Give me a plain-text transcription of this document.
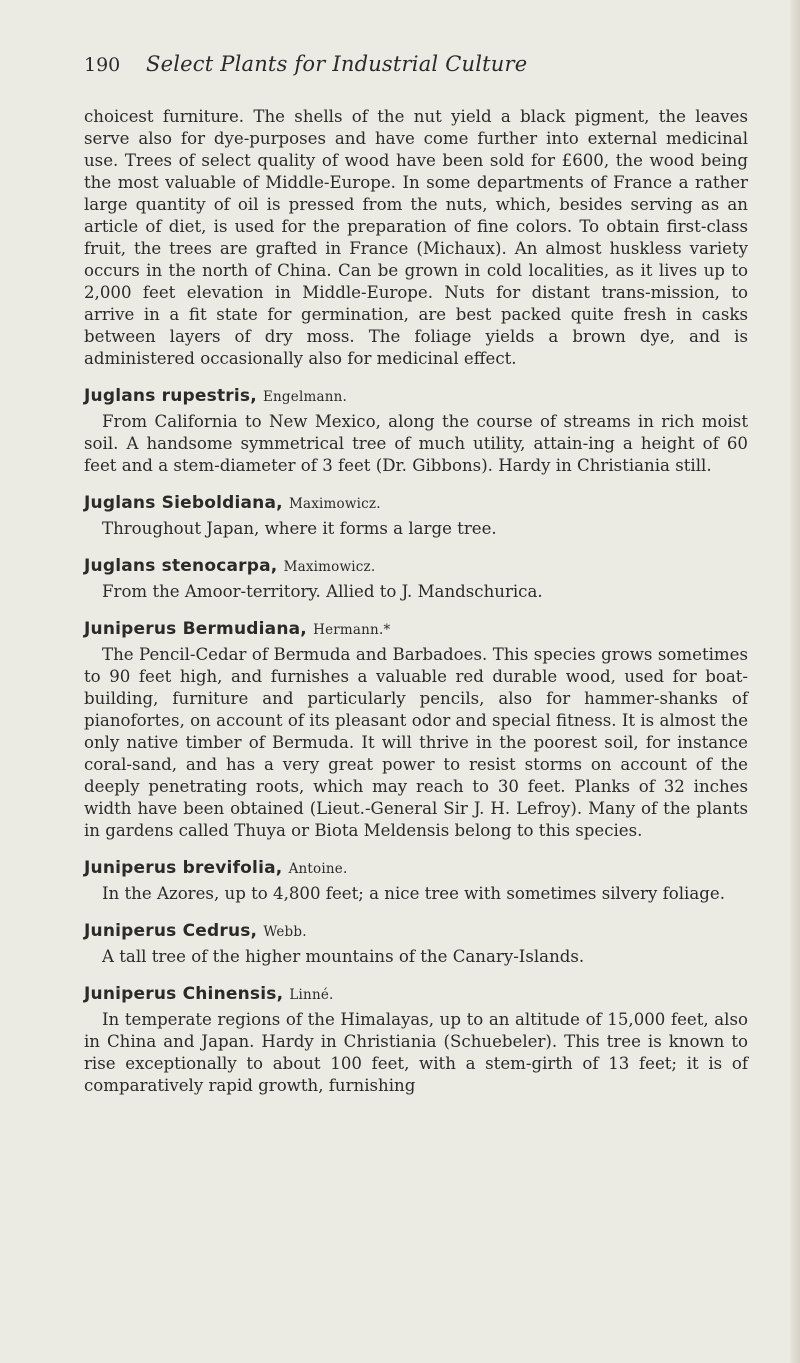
190	Select Plants for Industrial Culture

choicest furniture. The shells of the nut yield a black pigment, the leaves serve also for dye-purposes and have come further into external medicinal use. Trees of select quality of wood have been sold for £600, the wood being the most valuable of Middle-Europe. In some departments of France a rather large quantity of oil is pressed from the nuts, which, besides serving as an article of diet, is used for the preparation of fine colors. To obtain first-class fruit, the trees are grafted in France (Michaux). An almost huskless variety occurs in the north of China. Can be grown in cold localities, as it lives up to 2,000 feet elevation in Middle-Europe. Nuts for distant trans-mission, to arrive in a fit state for germination, are best packed quite fresh in casks between layers of dry moss. The foliage yields a brown dye, and is administered occasionally also for medicinal effect.

Juglans rupestris, Engelmann.

From California to New Mexico, along the course of streams in rich moist soil. A handsome symmetrical tree of much utility, attain-ing a height of 60 feet and a stem-diameter of 3 feet (Dr. Gibbons). Hardy in Christiania still.

Juglans Sieboldiana, Maximowicz.

Throughout Japan, where it forms a large tree.

Juglans stenocarpa, Maximowicz.

From the Amoor-territory. Allied to J. Mandschurica.

Juniperus Bermudiana, Hermann.*

The Pencil-Cedar of Bermuda and Barbadoes. This species grows sometimes to 90 feet high, and furnishes a valuable red durable wood, used for boat-building, furniture and particularly pencils, also for hammer-shanks of pianofortes, on account of its pleasant odor and special fitness. It is almost the only native timber of Bermuda. It will thrive in the poorest soil, for instance coral-sand, and has a very great power to resist storms on account of the deeply penetrating roots, which may reach to 30 feet. Planks of 32 inches width have been obtained (Lieut.-General Sir J. H. Lefroy). Many of the plants in gardens called Thuya or Biota Meldensis belong to this species.

Juniperus brevifolia, Antoine.

In the Azores, up to 4,800 feet; a nice tree with sometimes silvery foliage.

Juniperus Cedrus, Webb.

A tall tree of the higher mountains of the Canary-Islands.

Juniperus Chinensis, Linné.

In temperate regions of the Himalayas, up to an altitude of 15,000 feet, also in China and Japan. Hardy in Christiania (Schuebeler). This tree is known to rise exceptionally to about 100 feet, with a stem-girth of 13 feet; it is of comparatively rapid growth, furnishing
